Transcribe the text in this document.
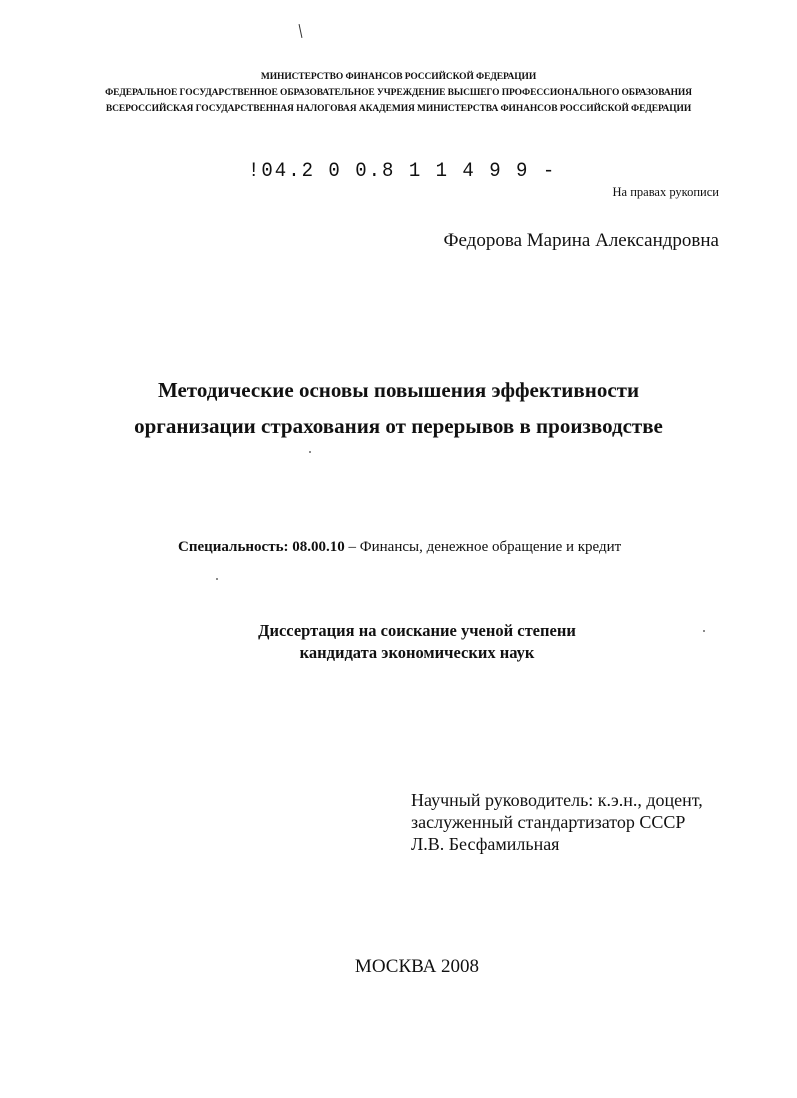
МИНИСТЕРСТВО ФИНАНСОВ РОССИЙСКОЙ ФЕДЕРАЦИИ
ФЕДЕРАЛЬНОЕ ГОСУДАРСТВЕННОЕ ОБРАЗОВАТЕЛЬНОЕ УЧРЕЖДЕНИЕ ВЫСШЕГО ПРОФЕССИОНАЛЬНОГО ОБРАЗОВАНИЯ
ВСЕРОССИЙСКАЯ ГОСУДАРСТВЕННАЯ НАЛОГОВАЯ АКАДЕМИЯ МИНИСТЕРСТВА ФИНАНСОВ РОССИЙСКОЙ ФЕДЕРАЦИИ
!04.2 0 0.8 1 1 4 9 9 -
На правах рукописи
Федорова Марина Александровна
Методические основы повышения эффективности
организации страхования от перерывов в производстве
Специальность: 08.00.10 – Финансы, денежное обращение и кредит
Диссертация на соискание ученой степени
кандидата экономических наук
Научный руководитель: к.э.н., доцент,
заслуженный стандартизатор СССР
Л.В. Бесфамильная
МОСКВА 2008
